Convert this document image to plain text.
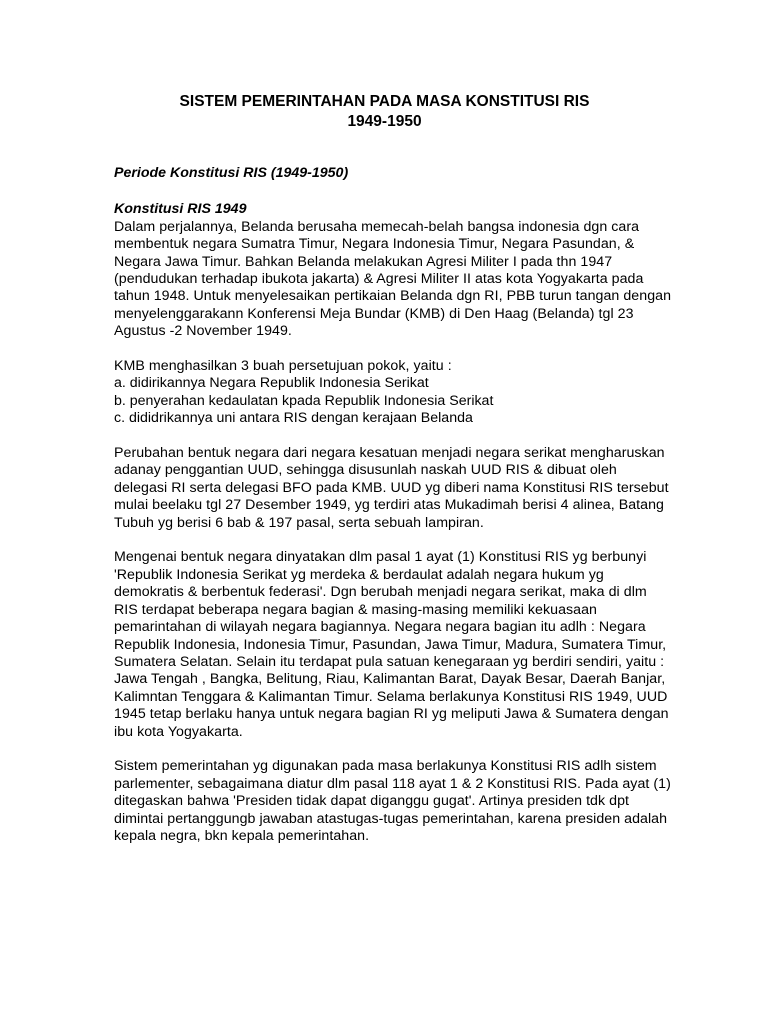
SISTEM PEMERINTAHAN PADA MASA KONSTITUSI RIS
1949-1950
Periode Konstitusi RIS (1949-1950)
Konstitusi RIS 1949

Dalam perjalannya, Belanda berusaha memecah-belah bangsa indonesia dgn cara membentuk negara Sumatra Timur, Negara Indonesia Timur, Negara Pasundan, & Negara Jawa Timur. Bahkan Belanda melakukan Agresi Militer I pada thn 1947 (pendudukan terhadap ibukota jakarta) & Agresi Militer II atas kota Yogyakarta pada tahun 1948. Untuk menyelesaikan pertikaian Belanda dgn RI, PBB turun tangan dengan menyelenggarakann Konferensi Meja Bundar (KMB) di Den Haag (Belanda) tgl 23 Agustus -2 November 1949.

KMB menghasilkan 3 buah persetujuan pokok, yaitu :

a. didirikannya Negara Republik Indonesia Serikat
b. penyerahan kedaulatan kpada Republik Indonesia Serikat
c. dididrikannya uni antara RIS dengan kerajaan Belanda

Perubahan bentuk negara dari negara kesatuan menjadi negara serikat mengharuskan adanay penggantian UUD, sehingga disusunlah naskah UUD RIS & dibuat oleh delegasi RI serta delegasi BFO pada KMB. UUD yg diberi nama Konstitusi RIS tersebut mulai beelaku tgl 27 Desember 1949, yg terdiri atas Mukadimah berisi 4 alinea, Batang Tubuh yg berisi 6 bab & 197 pasal, serta sebuah lampiran.

Mengenai bentuk negara dinyatakan dlm pasal 1 ayat (1) Konstitusi RIS yg berbunyi 'Republik Indonesia Serikat yg merdeka & berdaulat adalah negara hukum yg demokratis & berbentuk federasi'. Dgn berubah menjadi negara serikat, maka di dlm RIS terdapat beberapa negara bagian & masing-masing memiliki kekuasaan pemarintahan di wilayah negara bagiannya. Negara negara bagian itu adlh : Negara Republik Indonesia, Indonesia Timur, Pasundan, Jawa Timur, Madura, Sumatera Timur, Sumatera Selatan. Selain itu terdapat pula satuan kenegaraan yg berdiri sendiri, yaitu : Jawa Tengah , Bangka, Belitung, Riau, Kalimantan Barat, Dayak Besar, Daerah Banjar, Kalimntan Tenggara & Kalimantan Timur. Selama berlakunya Konstitusi RIS 1949, UUD 1945 tetap berlaku hanya untuk negara bagian RI yg meliputi Jawa & Sumatera dengan ibu kota Yogyakarta.

Sistem pemerintahan yg digunakan pada masa berlakunya Konstitusi RIS adlh sistem parlementer, sebagaimana diatur dlm pasal 118 ayat 1 & 2 Konstitusi RIS. Pada ayat (1) ditegaskan bahwa 'Presiden tidak dapat diganggu gugat'. Artinya presiden tdk dpt dimintai pertanggungb jawaban atastugas-tugas pemerintahan, karena presiden adalah kepala negra, bkn kepala pemerintahan.
